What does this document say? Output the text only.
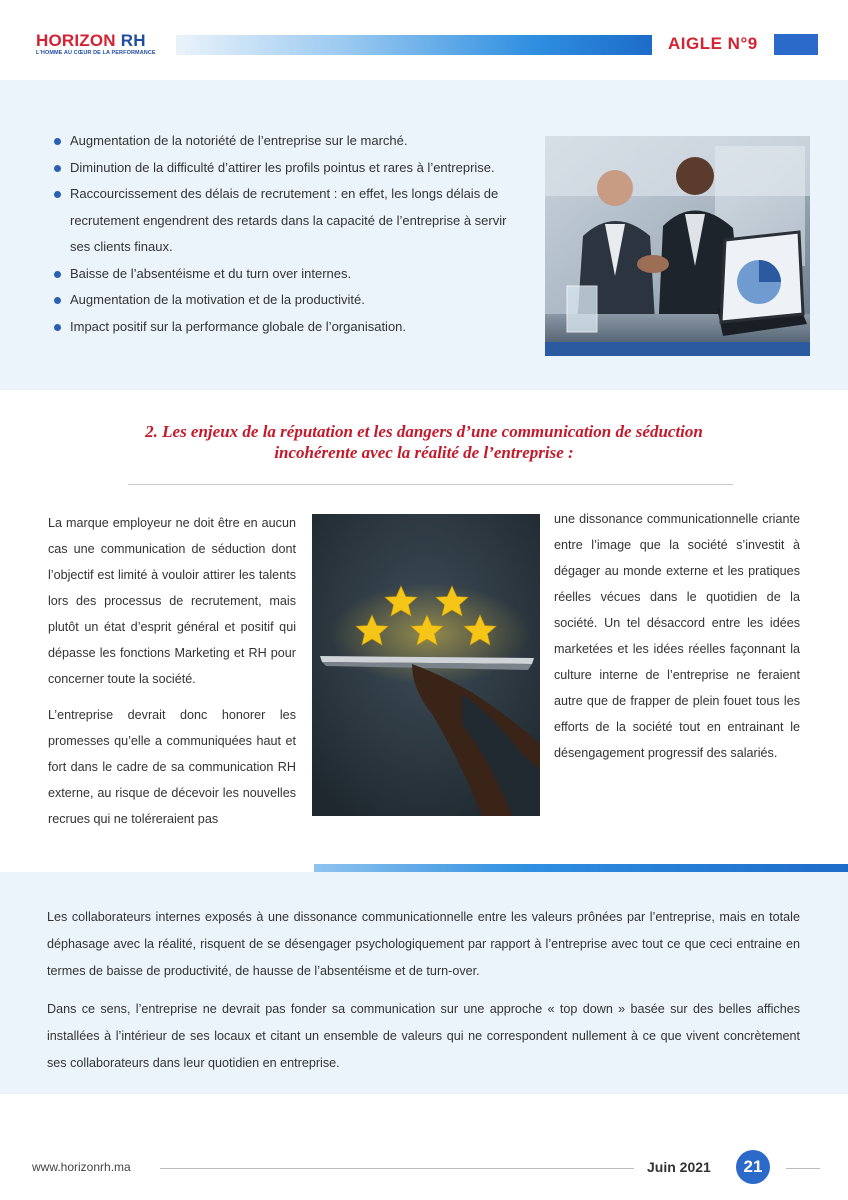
HORIZON RH
L'HOMME AU CŒUR DE LA PERFORMANCE	AIGLE N°9
Augmentation de la notoriété de l’entreprise sur le marché.
Diminution de la difficulté d’attirer les profils pointus et rares à l’entreprise.
Raccourcissement des délais de recrutement : en effet, les longs délais de recrutement engendrent des retards dans la capacité de l’entreprise à servir ses clients finaux.
Baisse de l’absentéisme et du turn over internes.
Augmentation de la motivation et de la productivité.
Impact positif sur la performance globale de l’organisation.
2. Les enjeux de la réputation et les dangers d’une communication de séduction
incohérente avec la réalité de l’entreprise :

La marque employeur ne doit être en aucun cas une communication de séduction dont l’objectif est limité à vouloir attirer les talents lors des processus de recrutement, mais plutôt un état d’esprit général et positif qui dépasse les fonctions Marketing et RH pour concerner toute la société.

L’entreprise devrait donc honorer les promesses qu’elle a communiquées haut et fort dans le cadre de sa communication RH externe, au risque de décevoir les nouvelles recrues qui ne toléreraient pas

une dissonance communicationnelle criante entre l’image que la société s’investit à dégager au monde externe et les pratiques réelles vécues dans le quotidien de la société. Un tel désaccord entre les idées marketées et les idées réelles façonnant la culture interne de l’entreprise ne feraient autre que de frapper de plein fouet tous les efforts de la société tout en entrainant le désengagement progressif des salariés.

Les collaborateurs internes exposés à une dissonance communicationnelle entre les valeurs prônées par l’entreprise, mais en totale déphasage avec la réalité, risquent de se désengager psychologiquement par rapport à l’entreprise avec tout ce que ceci entraine en termes de baisse de productivité, de hausse de l’absentéisme et de turn-over.

Dans ce sens, l’entreprise ne devrait pas fonder sa communication sur une approche « top down » basée sur des belles affiches installées à l’intérieur de ses locaux et citant un ensemble de valeurs qui ne correspondent nullement à ce que vivent concrètement ses collaborateurs dans leur quotidien en entreprise.

www.horizonrh.ma	Juin 2021	21
